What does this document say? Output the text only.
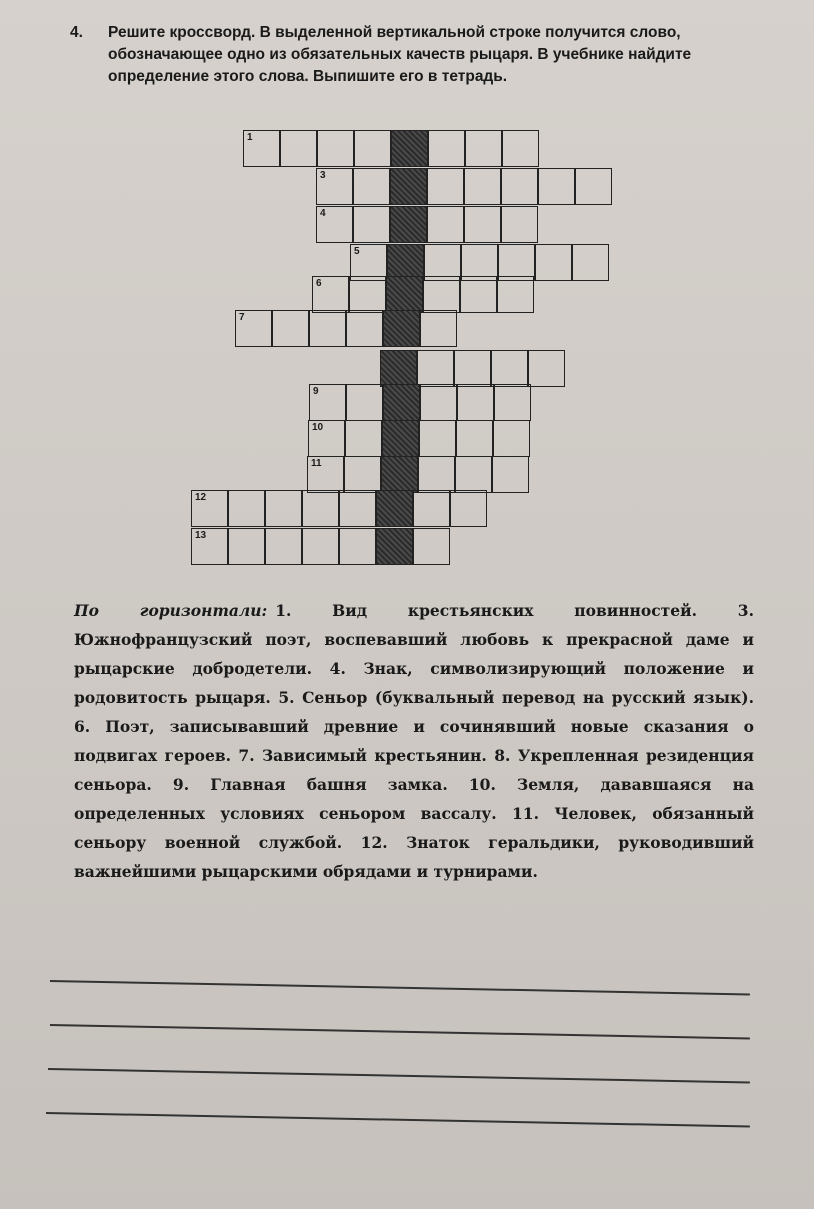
4. Решите кроссворд. В выделенной вертикальной строке получится слово, обозначающее одно из обязательных качеств рыцаря. В учебнике найдите определение этого слова. Выпишите его в тетрадь.
1
3
4
5
6
7
9
10
11
12
13
По горизонтали: 1. Вид крестьянских повинностей. 3. Южнофранцузский поэт, воспевавший любовь к прекрасной даме и рыцарские добродетели. 4. Знак, символизирующий положение и родовитость рыцаря. 5. Сеньор (буквальный перевод на русский язык). 6. Поэт, записывавший древние и сочинявший новые сказания о подвигах героев. 7. Зависимый крестьянин. 8. Укрепленная резиденция сеньора. 9. Главная башня замка. 10. Земля, дававшаяся на определенных условиях сеньором вассалу. 11. Человек, обязанный сеньору военной службой. 12. Знаток геральдики, руководивший важнейшими рыцарскими обрядами и турнирами.
